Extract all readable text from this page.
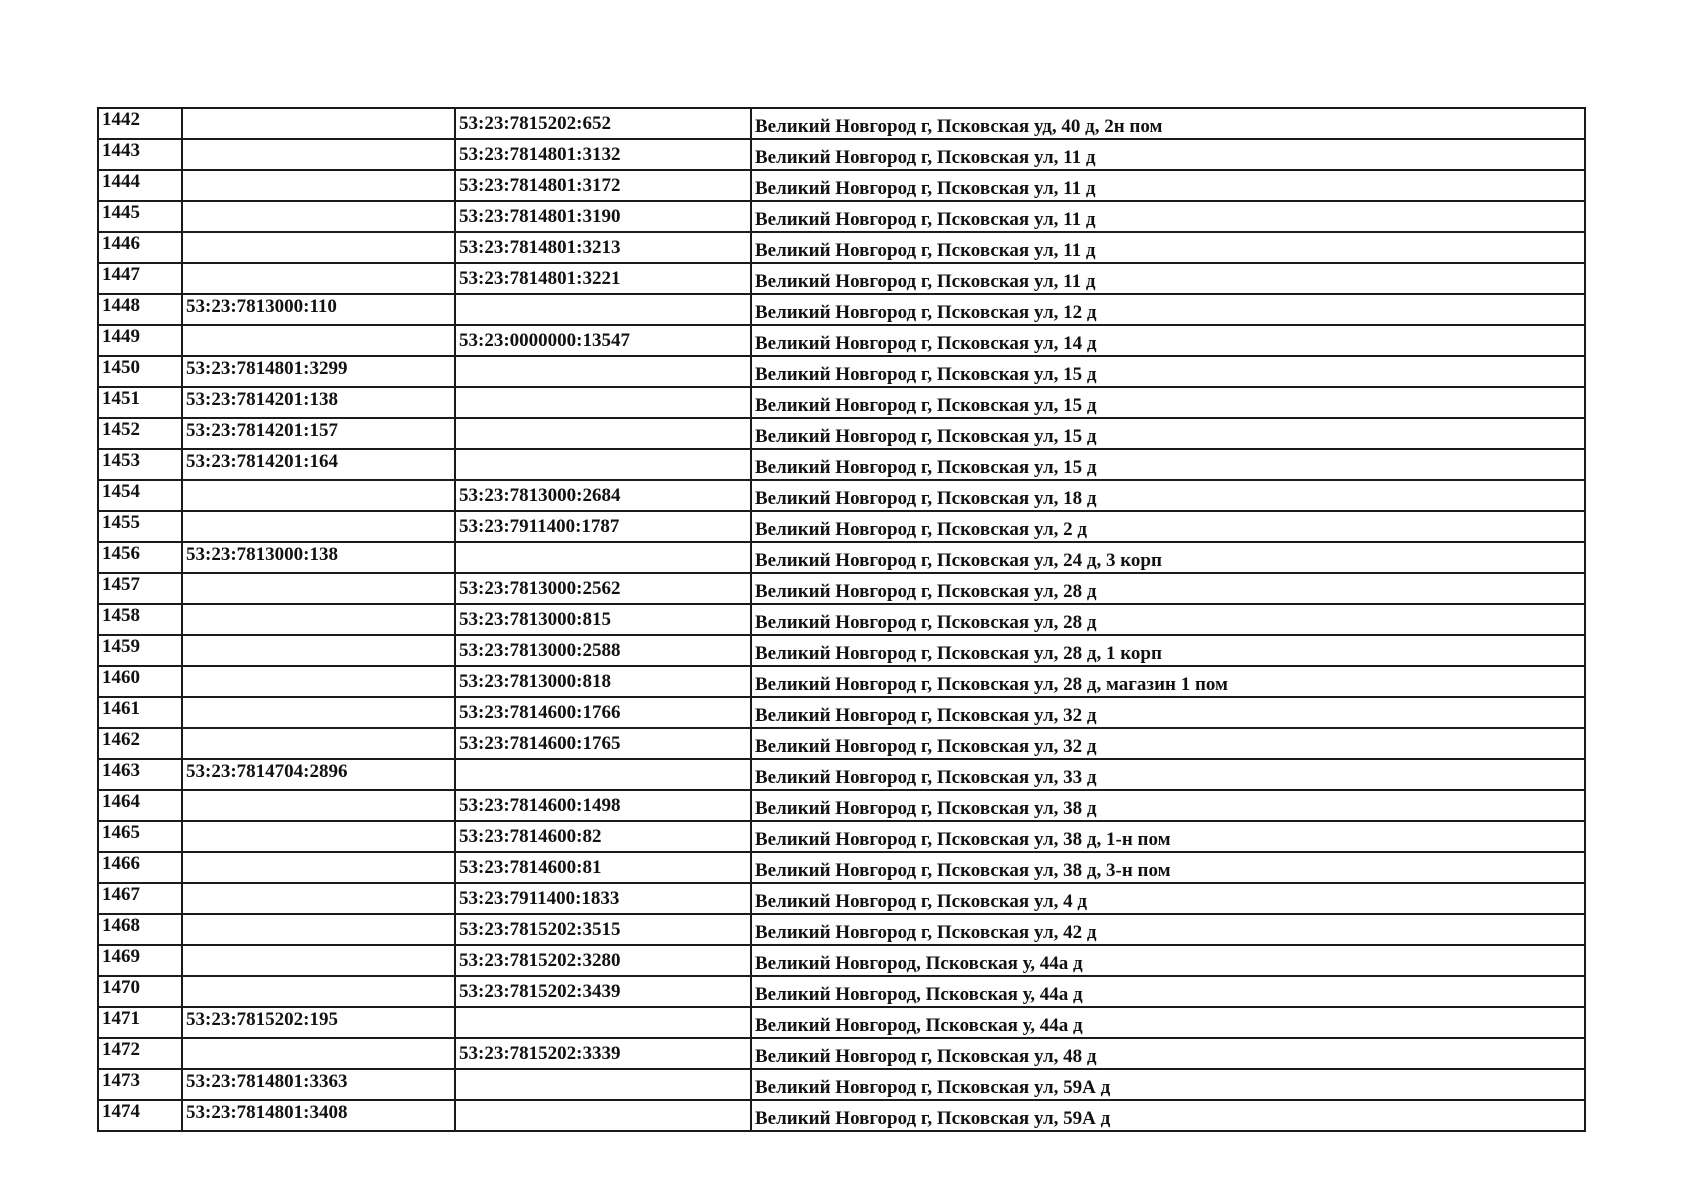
1442		53:23:7815202:652	Великий Новгород г, Псковская уд, 40 д, 2н пом
1443		53:23:7814801:3132	Великий Новгород г, Псковская ул, 11 д
1444		53:23:7814801:3172	Великий Новгород г, Псковская ул, 11 д
1445		53:23:7814801:3190	Великий Новгород г, Псковская ул, 11 д
1446		53:23:7814801:3213	Великий Новгород г, Псковская ул, 11 д
1447		53:23:7814801:3221	Великий Новгород г, Псковская ул, 11 д
1448	53:23:7813000:110		Великий Новгород г, Псковская ул, 12 д
1449		53:23:0000000:13547	Великий Новгород г, Псковская ул, 14 д
1450	53:23:7814801:3299		Великий Новгород г, Псковская ул, 15 д
1451	53:23:7814201:138		Великий Новгород г, Псковская ул, 15 д
1452	53:23:7814201:157		Великий Новгород г, Псковская ул, 15 д
1453	53:23:7814201:164		Великий Новгород г, Псковская ул, 15 д
1454		53:23:7813000:2684	Великий Новгород г, Псковская ул, 18 д
1455		53:23:7911400:1787	Великий Новгород г, Псковская ул, 2 д
1456	53:23:7813000:138		Великий Новгород г, Псковская ул, 24 д, 3 корп
1457		53:23:7813000:2562	Великий Новгород г, Псковская ул, 28 д
1458		53:23:7813000:815	Великий Новгород г, Псковская ул, 28 д
1459		53:23:7813000:2588	Великий Новгород г, Псковская ул, 28 д, 1 корп
1460		53:23:7813000:818	Великий Новгород г, Псковская ул, 28 д, магазин 1 пом
1461		53:23:7814600:1766	Великий Новгород г, Псковская ул, 32 д
1462		53:23:7814600:1765	Великий Новгород г, Псковская ул, 32 д
1463	53:23:7814704:2896		Великий Новгород г, Псковская ул, 33 д
1464		53:23:7814600:1498	Великий Новгород г, Псковская ул, 38 д
1465		53:23:7814600:82	Великий Новгород г, Псковская ул, 38 д, 1-н пом
1466		53:23:7814600:81	Великий Новгород г, Псковская ул, 38 д, 3-н пом
1467		53:23:7911400:1833	Великий Новгород г, Псковская ул, 4 д
1468		53:23:7815202:3515	Великий Новгород г, Псковская ул, 42 д
1469		53:23:7815202:3280	Великий Новгород, Псковская у, 44а д
1470		53:23:7815202:3439	Великий Новгород, Псковская у, 44а д
1471	53:23:7815202:195		Великий Новгород, Псковская у, 44а д
1472		53:23:7815202:3339	Великий Новгород г, Псковская ул, 48 д
1473	53:23:7814801:3363		Великий Новгород г, Псковская ул, 59А д
1474	53:23:7814801:3408		Великий Новгород г, Псковская ул, 59А д
